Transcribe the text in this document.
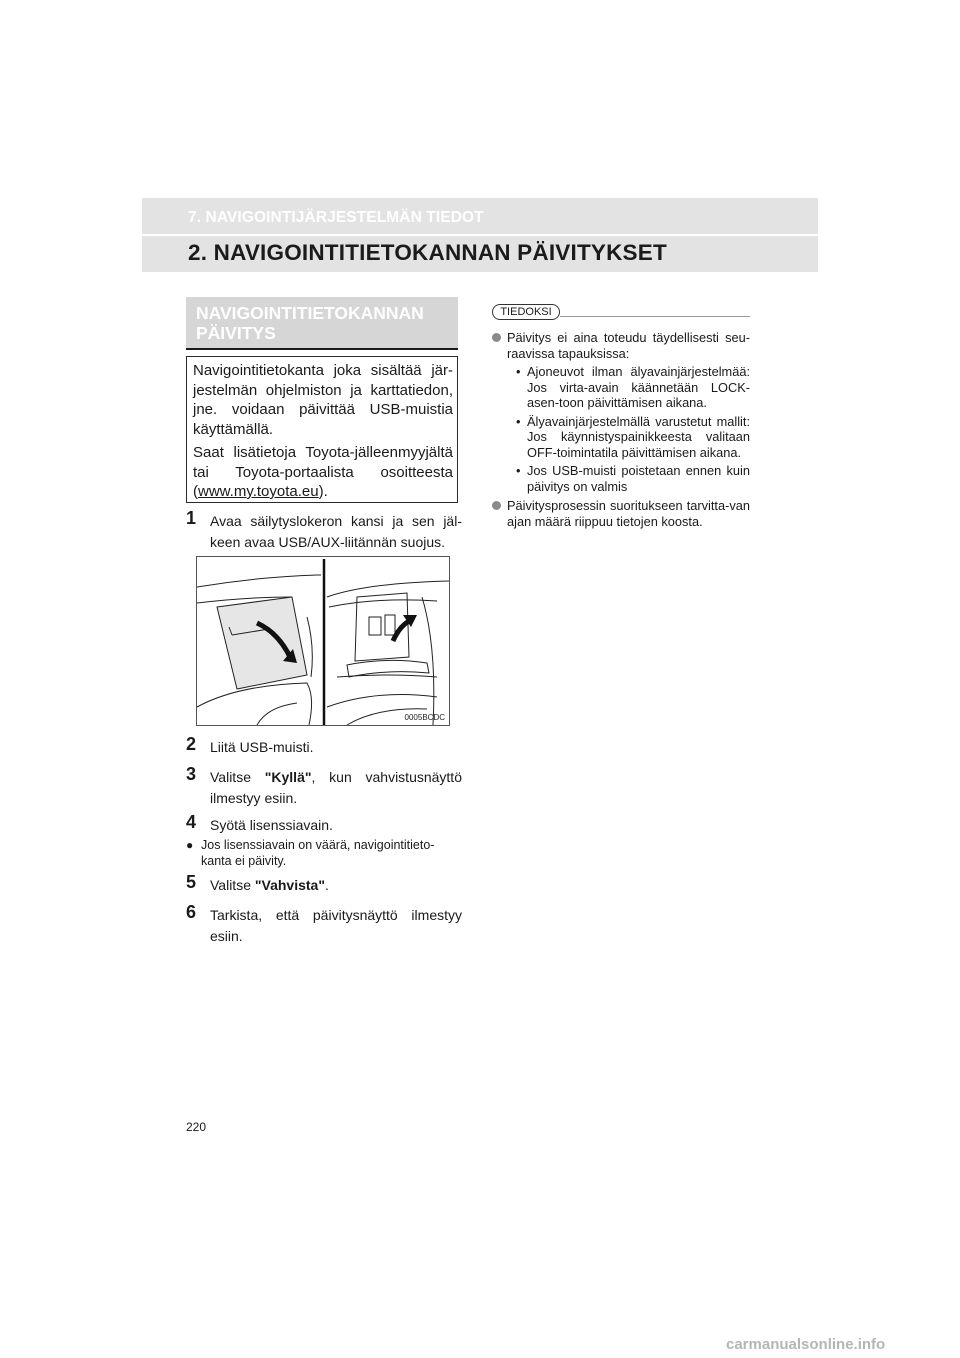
7. NAVIGOINTIJÄRJESTELMÄN TIEDOT
2. NAVIGOINTITIETOKANNAN PÄIVITYKSET
NAVIGOINTITIETOKANNAN
PÄIVITYS

Navigointitietokanta joka sisältää jär-jestelmän ohjelmiston ja karttatiedon, jne. voidaan päivittää USB-muistia käyttämällä.

Saat lisätietoja Toyota-jälleenmyyjältä tai Toyota-portaalista osoitteesta (www.my.toyota.eu).

1 Avaa säilytyslokeron kansi ja sen jäl-keen avaa USB/AUX-liitännän suojus.
0005BCDC
2 Liitä USB-muisti.
3 Valitse "Kyllä", kun vahvistusnäyttö ilmestyy esiin.
4 Syötä lisenssiavain.
● Jos lisenssiavain on väärä, navigointitieto-kanta ei päivity.
5 Valitse "Vahvista".
6 Tarkista, että päivitysnäyttö ilmestyy esiin.
TIEDOKSI
Päivitys ei aina toteudu täydellisesti seu-raavissa tapauksissa:
• Ajoneuvot ilman älyavainjärjestelmää: Jos virta-avain käännetään LOCK-asen-toon päivittämisen aikana.
• Älyavainjärjestelmällä varustetut mallit: Jos käynnistyspainikkeesta valitaan OFF-toimintatila päivittämisen aikana.
• Jos USB-muisti poistetaan ennen kuin päivitys on valmis
Päivitysprosessin suoritukseen tarvitta-van ajan määrä riippuu tietojen koosta.
220
carmanualsonline.info
